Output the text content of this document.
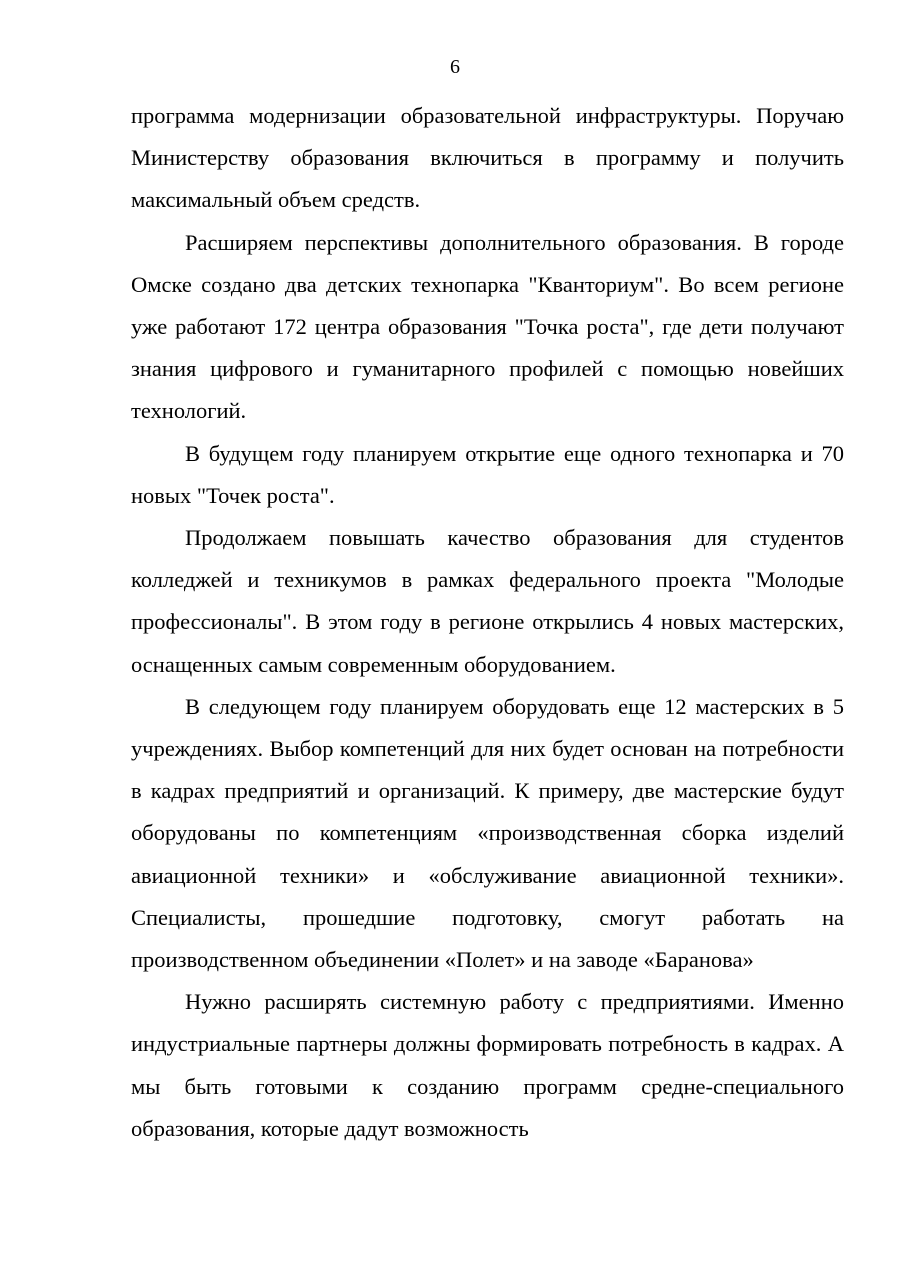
6

программа модернизации образовательной инфраструктуры. Поручаю Министерству образования включиться в программу и получить максимальный объем средств.

Расширяем перспективы дополнительного образования. В городе Омске создано два детских технопарка "Кванториум". Во всем регионе уже работают 172 центра образования "Точка роста", где дети получают знания цифрового и гуманитарного профилей с помощью новейших технологий.

В будущем году планируем открытие еще одного технопарка и 70 новых "Точек роста".

Продолжаем повышать качество образования для студентов колледжей и техникумов в рамках федерального проекта "Молодые профессионалы". В этом году в регионе открылись 4 новых мастерских, оснащенных самым современным оборудованием.

В следующем году планируем оборудовать еще 12 мастерских в 5 учреждениях. Выбор компетенций для них будет основан на потребности в кадрах предприятий и организаций. К примеру, две мастерские будут оборудованы по компетенциям «производственная сборка изделий авиационной техники» и «обслуживание авиационной техники». Специалисты, прошедшие подготовку, смогут работать на производственном объединении «Полет» и на заводе «Баранова»

Нужно расширять системную работу с предприятиями. Именно индустриальные партнеры должны формировать потребность в кадрах. А мы быть готовыми к созданию программ средне-специального образования, которые дадут возможность
